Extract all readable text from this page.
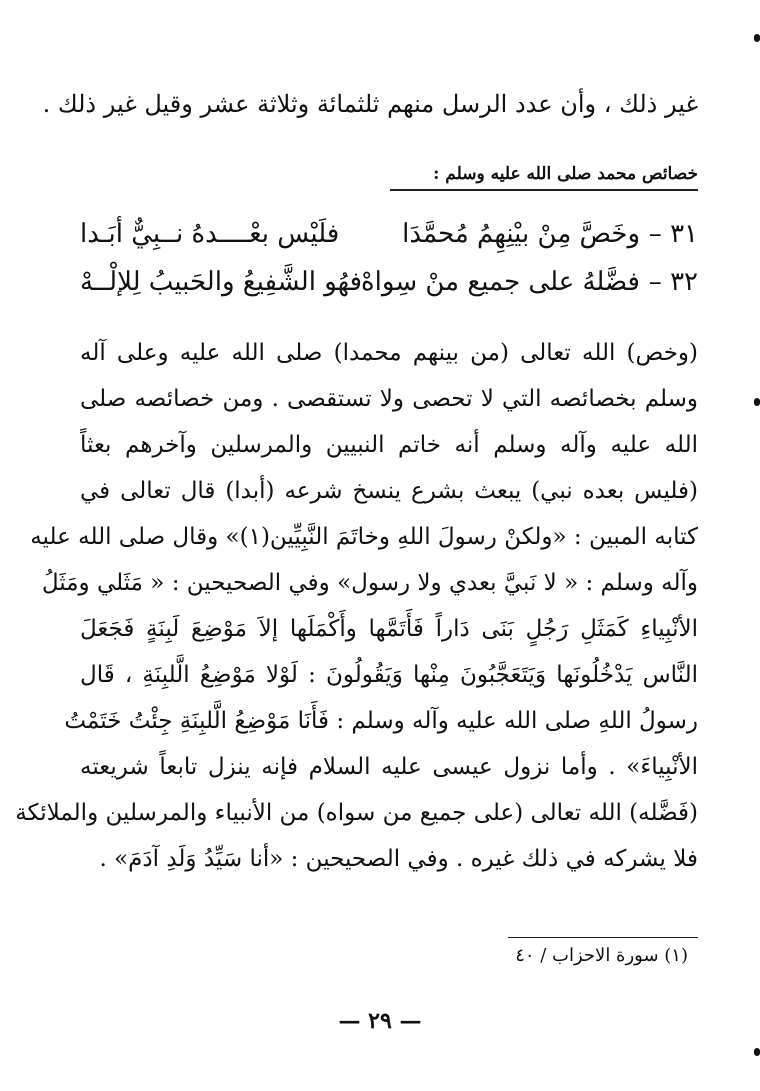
غير ذلك ، وأن عدد الرسل منهم ثلثمائة وثلاثة عشر وقيل غير ذلك .
خصائص محمد صلى الله عليه وسلم :
٣١ –
وخَصَّ مِنْ بيْنِهِمُ مُحمَّدَا
فلَيْس بعْــــدهُ نــبِيٌّ أبَـدا
٣٢ –
فضَّلهُ على جميع منْ سِواهْ
فهُو الشَّفِيعُ والحَبيبُ لِلإلْــهْ
(وخص) الله تعالى (من بينهم محمدا) صلى الله عليه وعلى آله
وسلم بخصائصه التي لا تحصى ولا تستقصى . ومن خصائصه صلى
الله عليه وآله وسلم أنه خاتم النبيين والمرسلين وآخرهم بعثاً
(فليس بعده نبي) يبعث بشرع ينسخ شرعه (أبدا) قال تعالى في
كتابه المبين : «ولكنْ رسولَ اللهِ وخاتَمَ النَّبِيِّين(١)» وقال صلى الله عليه
وآله وسلم : « لا نَبيَّ بعدي ولا رسول» وفي الصحيحين : « مَثَلي ومَثَلُ
الأنْبِياءِ كَمَثَلِ رَجُلٍ بَنَى دَاراً فَأَتَمَّها وأَكْمَلَها إلاَ مَوْضِعَ لَبِنَةٍ فَجَعَلَ
النَّاس يَدْخُلُونَها وَيَتَعَجَّبُونَ مِنْها وَيَقُولُونَ : لَوْلا مَوْضِعُ الَّلبِنَةِ ، قَال
رسولُ اللهِ صلى الله عليه وآله وسلم : فَأَنَا مَوْضِعُ الَّلبِنَةِ جِئْتُ خَتَمْتُ
الأنْبِياءَ» . وأما نزول عيسى عليه السلام فإنه ينزل تابعاً شريعته
(فَضَّله) الله تعالى (على جميع من سواه) من الأنبياء والمرسلين والملائكة
فلا يشركه في ذلك غيره . وفي الصحيحين : «أنا سَيِّدُ وَلَدِ آدَمَ» .
(١) سورة الاحزاب / ٤٠
— ٢٩ —
